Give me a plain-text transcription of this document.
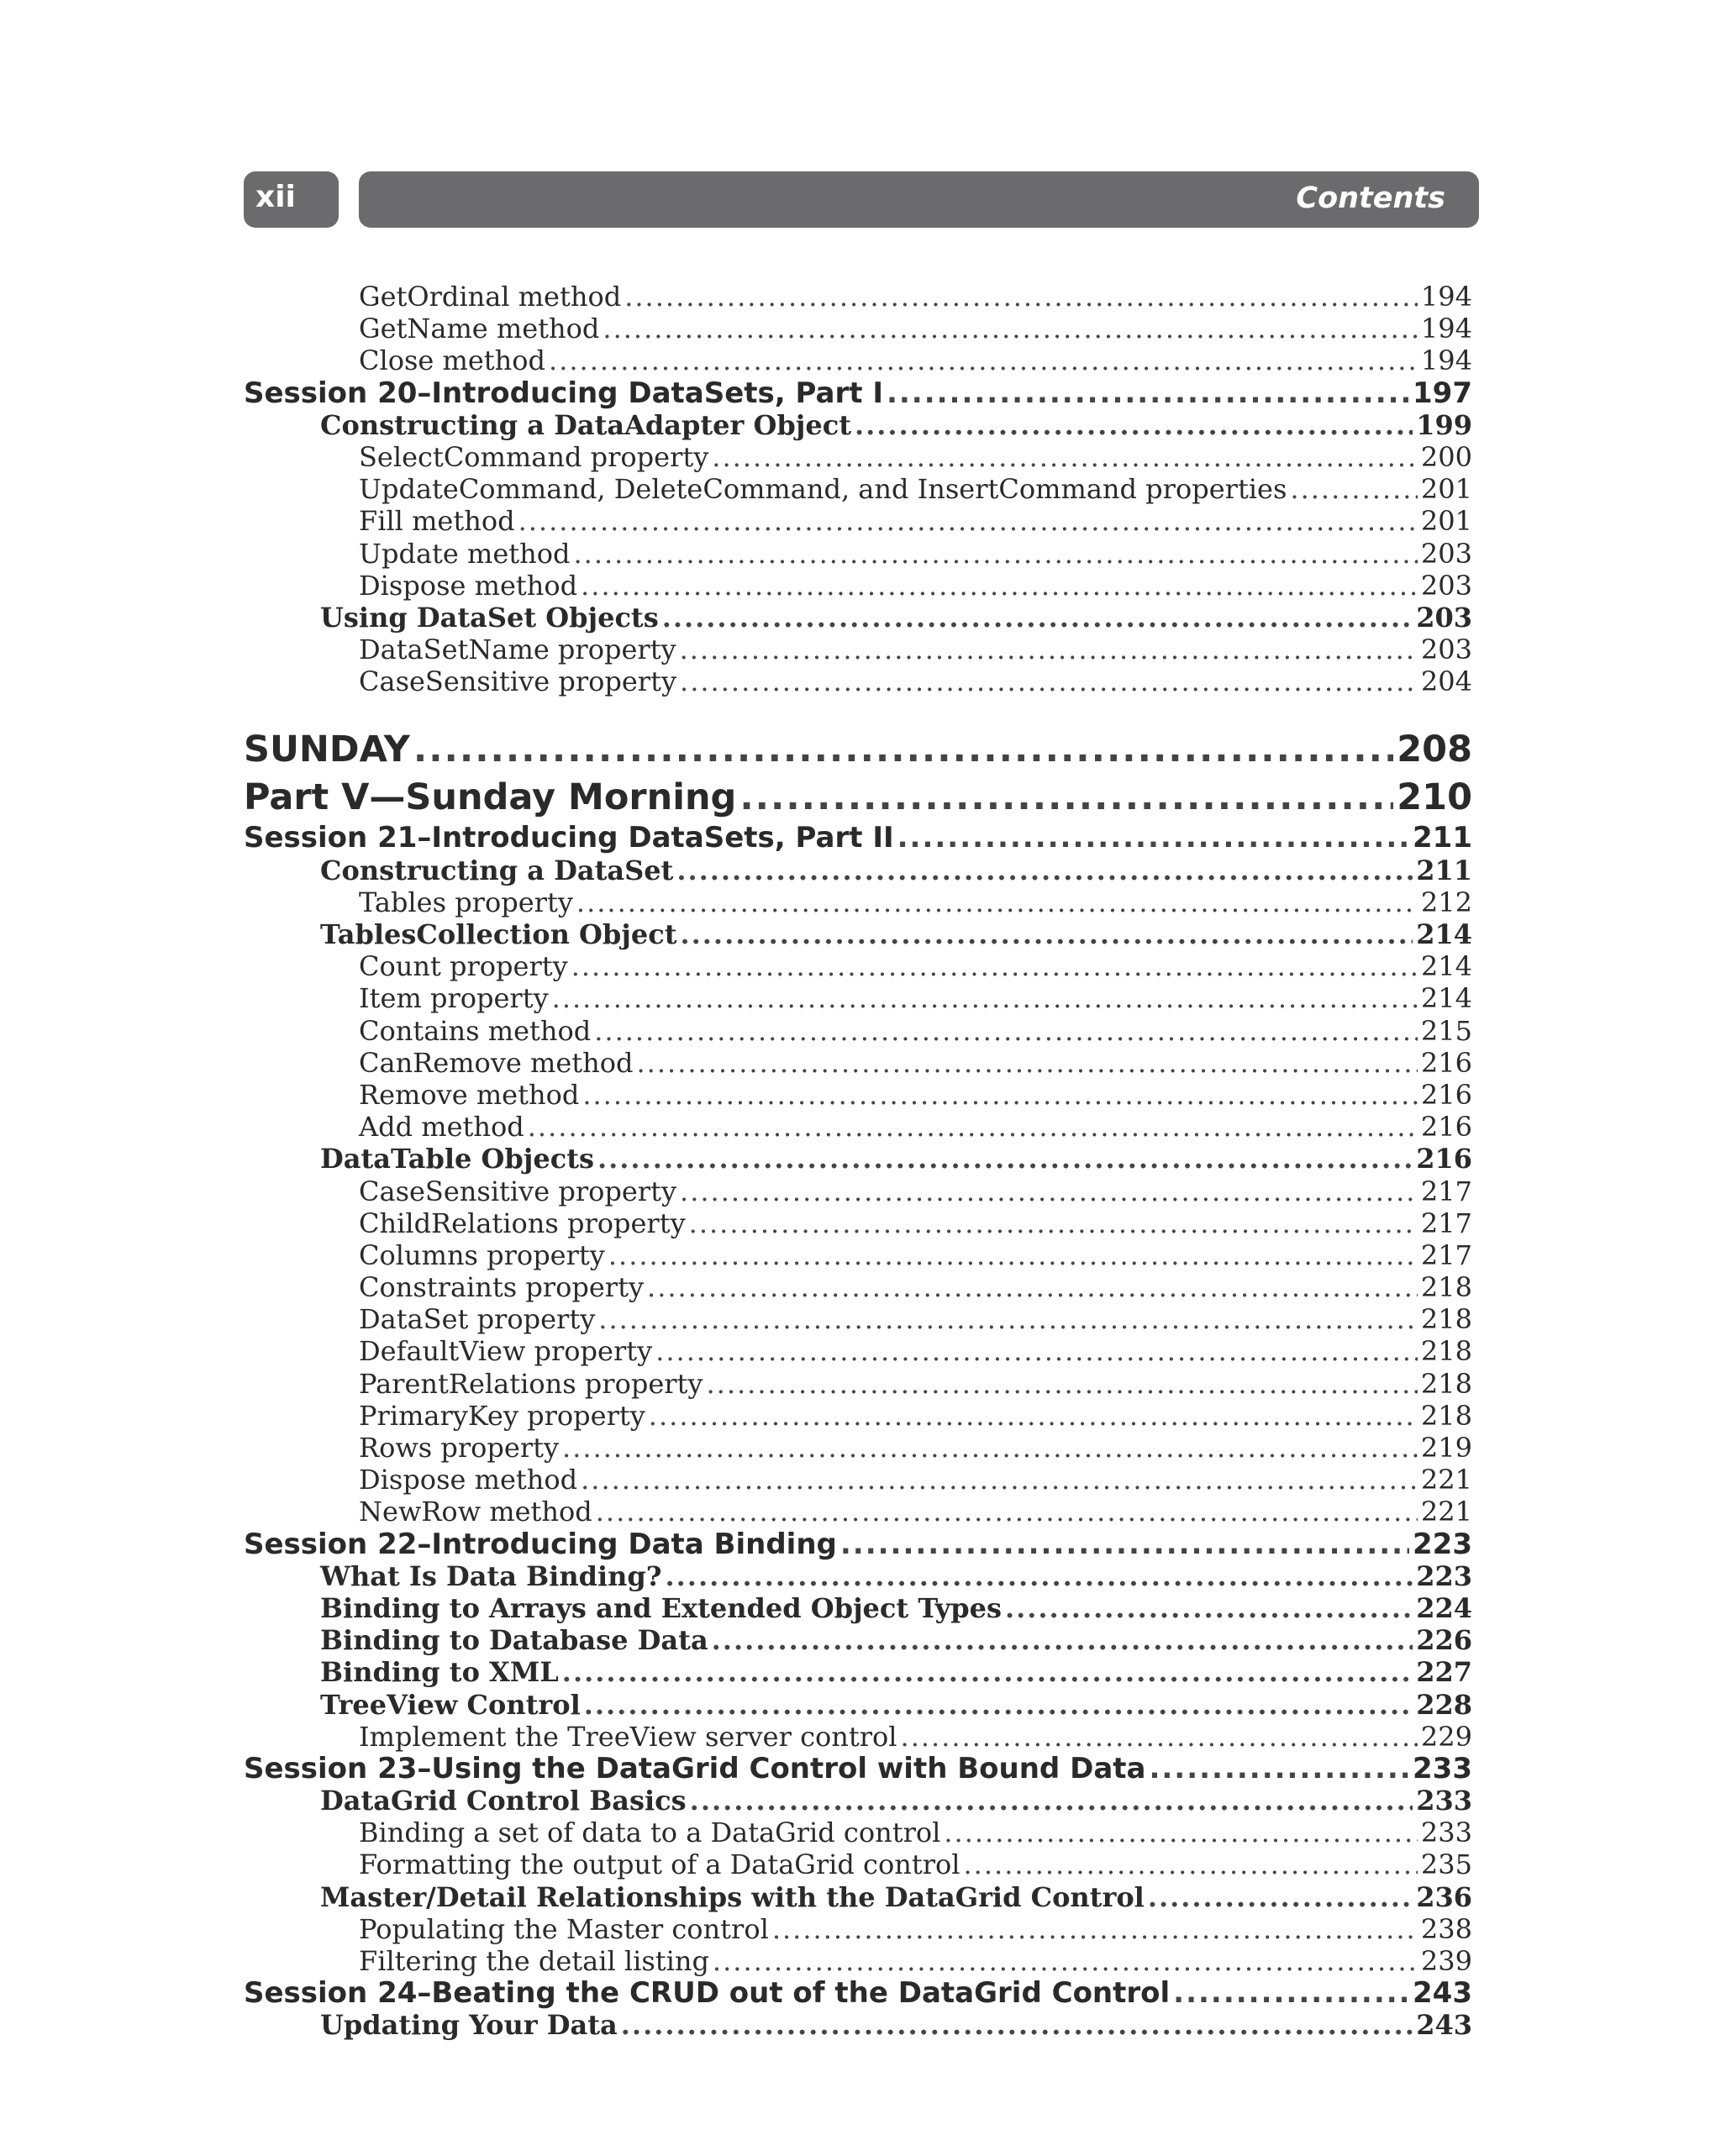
xii	Contents
GetOrdinal method .....	194
GetName method .....	194
Close method .....	194
Session 20–Introducing DataSets, Part I .....	197
Constructing a DataAdapter Object .....	199
SelectCommand property .....	200
UpdateCommand, DeleteCommand, and InsertCommand properties .....	201
Fill method .....	201
Update method .....	203
Dispose method .....	203
Using DataSet Objects .....	203
DataSetName property .....	203
CaseSensitive property .....	204
SUNDAY .....	208
Part V—Sunday Morning .....	210
Session 21–Introducing DataSets, Part II .....	211
Constructing a DataSet .....	211
Tables property .....	212
TablesCollection Object .....	214
Count property .....	214
Item property .....	214
Contains method .....	215
CanRemove method .....	216
Remove method .....	216
Add method .....	216
DataTable Objects .....	216
CaseSensitive property .....	217
ChildRelations property .....	217
Columns property .....	217
Constraints property .....	218
DataSet property .....	218
DefaultView property .....	218
ParentRelations property .....	218
PrimaryKey property .....	218
Rows property .....	219
Dispose method .....	221
NewRow method .....	221
Session 22–Introducing Data Binding .....	223
What Is Data Binding? .....	223
Binding to Arrays and Extended Object Types .....	224
Binding to Database Data .....	226
Binding to XML .....	227
TreeView Control .....	228
Implement the TreeView server control .....	229
Session 23–Using the DataGrid Control with Bound Data .....	233
DataGrid Control Basics .....	233
Binding a set of data to a DataGrid control .....	233
Formatting the output of a DataGrid control .....	235
Master/Detail Relationships with the DataGrid Control .....	236
Populating the Master control .....	238
Filtering the detail listing .....	239
Session 24–Beating the CRUD out of the DataGrid Control .....	243
Updating Your Data .....	243
